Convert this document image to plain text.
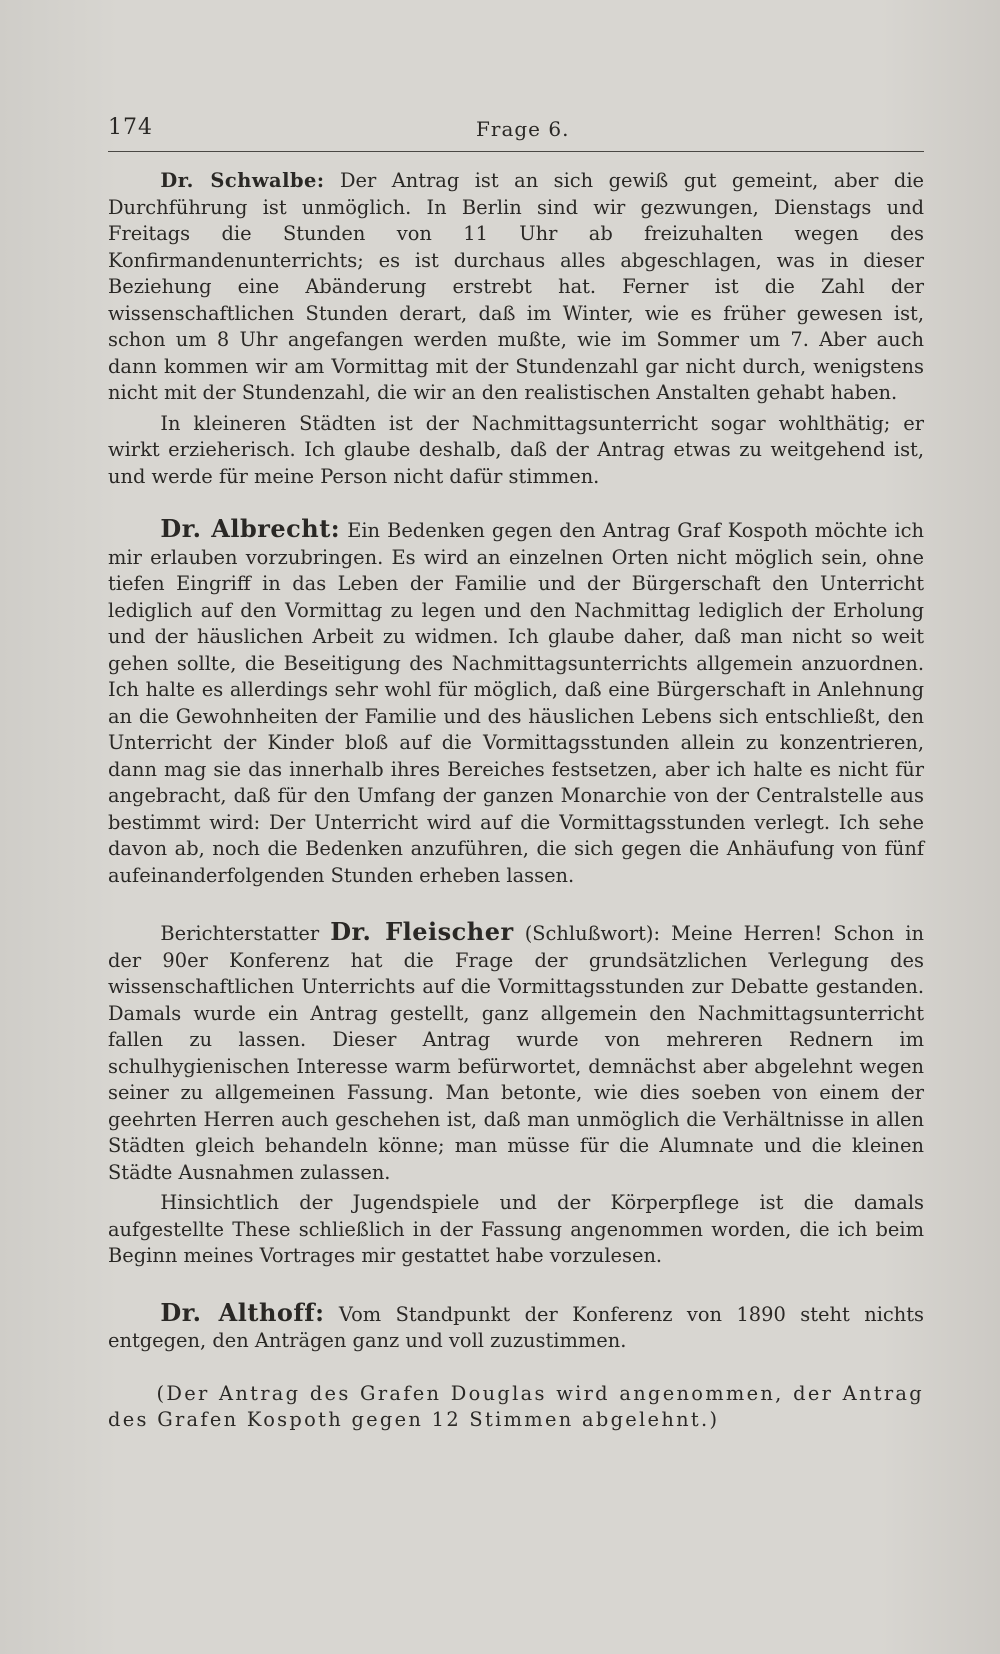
174	Frage 6.

Dr. Schwalbe: Der Antrag ist an sich gewiß gut gemeint, aber die Durchführung ist unmöglich. In Berlin sind wir gezwungen, Dienstags und Freitags die Stunden von 11 Uhr ab freizuhalten wegen des Konfirmandenunterrichts; es ist durchaus alles abgeschlagen, was in dieser Beziehung eine Abänderung erstrebt hat. Ferner ist die Zahl der wissenschaftlichen Stunden derart, daß im Winter, wie es früher gewesen ist, schon um 8 Uhr angefangen werden mußte, wie im Sommer um 7. Aber auch dann kommen wir am Vormittag mit der Stundenzahl gar nicht durch, wenigstens nicht mit der Stundenzahl, die wir an den realistischen Anstalten gehabt haben.

In kleineren Städten ist der Nachmittagsunterricht sogar wohlthätig; er wirkt erzieherisch. Ich glaube deshalb, daß der Antrag etwas zu weitgehend ist, und werde für meine Person nicht dafür stimmen.

Dr. Albrecht: Ein Bedenken gegen den Antrag Graf Kospoth möchte ich mir erlauben vorzubringen. Es wird an einzelnen Orten nicht möglich sein, ohne tiefen Eingriff in das Leben der Familie und der Bürgerschaft den Unterricht lediglich auf den Vormittag zu legen und den Nachmittag lediglich der Erholung und der häuslichen Arbeit zu widmen. Ich glaube daher, daß man nicht so weit gehen sollte, die Beseitigung des Nachmittagsunterrichts allgemein anzuordnen. Ich halte es allerdings sehr wohl für möglich, daß eine Bürgerschaft in Anlehnung an die Gewohnheiten der Familie und des häuslichen Lebens sich entschließt, den Unterricht der Kinder bloß auf die Vormittagsstunden allein zu konzentrieren, dann mag sie das innerhalb ihres Bereiches festsetzen, aber ich halte es nicht für angebracht, daß für den Umfang der ganzen Monarchie von der Centralstelle aus bestimmt wird: Der Unterricht wird auf die Vormittagsstunden verlegt. Ich sehe davon ab, noch die Bedenken anzuführen, die sich gegen die Anhäufung von fünf aufeinanderfolgenden Stunden erheben lassen.

Berichterstatter Dr. Fleischer (Schlußwort): Meine Herren! Schon in der 90er Konferenz hat die Frage der grundsätzlichen Verlegung des wissenschaftlichen Unterrichts auf die Vormittagsstunden zur Debatte gestanden. Damals wurde ein Antrag gestellt, ganz allgemein den Nachmittagsunterricht fallen zu lassen. Dieser Antrag wurde von mehreren Rednern im schulhygienischen Interesse warm befürwortet, demnächst aber abgelehnt wegen seiner zu allgemeinen Fassung. Man betonte, wie dies soeben von einem der geehrten Herren auch geschehen ist, daß man unmöglich die Verhältnisse in allen Städten gleich behandeln könne; man müsse für die Alumnate und die kleinen Städte Ausnahmen zulassen.

Hinsichtlich der Jugendspiele und der Körperpflege ist die damals aufgestellte These schließlich in der Fassung angenommen worden, die ich beim Beginn meines Vortrages mir gestattet habe vorzulesen.

Dr. Althoff: Vom Standpunkt der Konferenz von 1890 steht nichts entgegen, den Anträgen ganz und voll zuzustimmen.

(Der Antrag des Grafen Douglas wird angenommen, der Antrag des Grafen Kospoth gegen 12 Stimmen abgelehnt.)
